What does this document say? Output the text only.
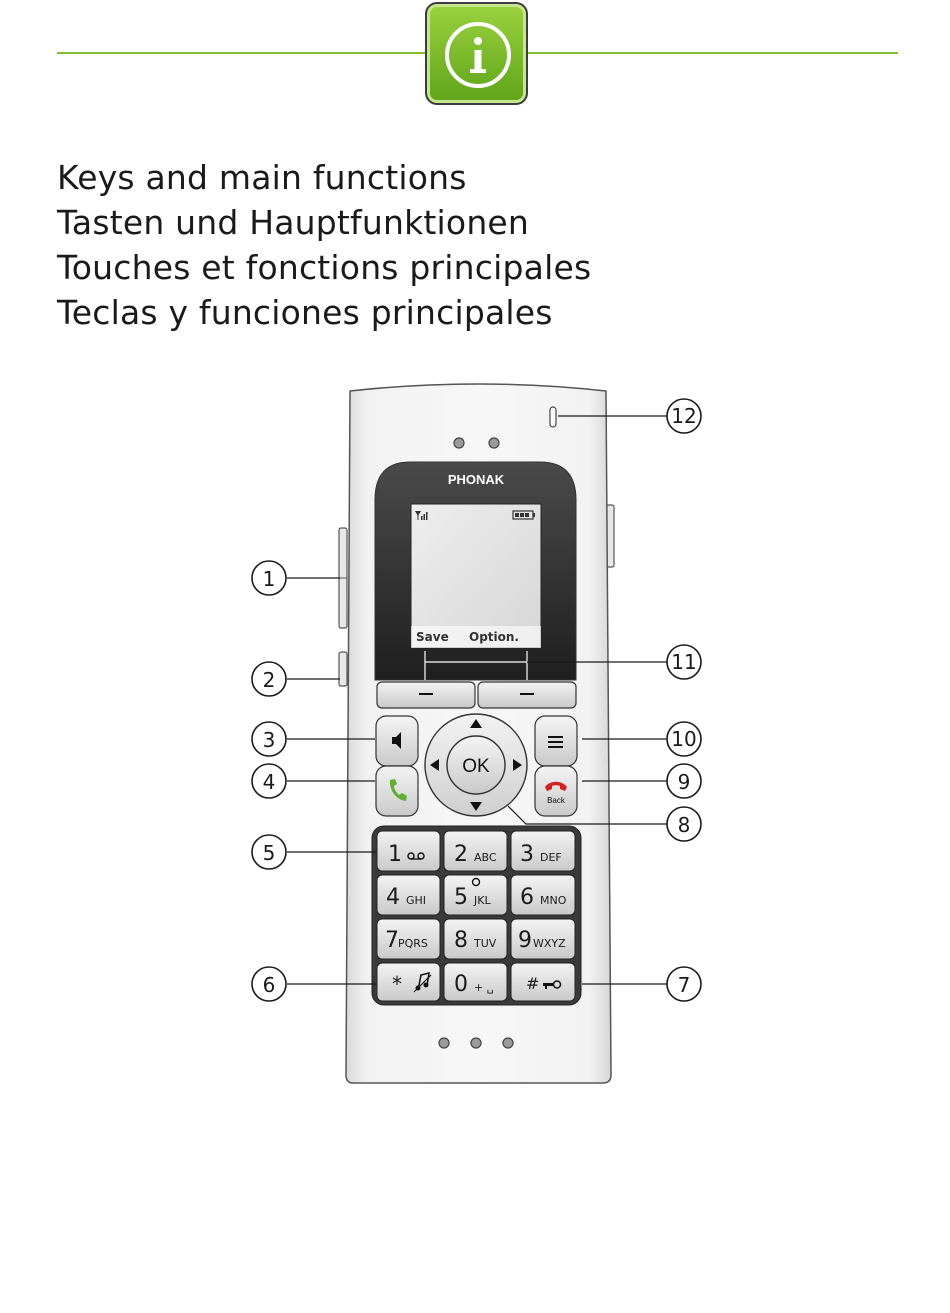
Keys and main functions
Tasten und Hauptfunktionen
Touches et fonctions principales
Teclas y funciones principales
PHONAK
Save Option.
Back
OK
1 2 ABC 3 DEF
4 GHI 5 JKL 6 MNO
7 PQRS 8 TUV 9 WXYZ
* 0 + ␣ #
1
2
3
4
5
6	7
8
9
10
11
12
